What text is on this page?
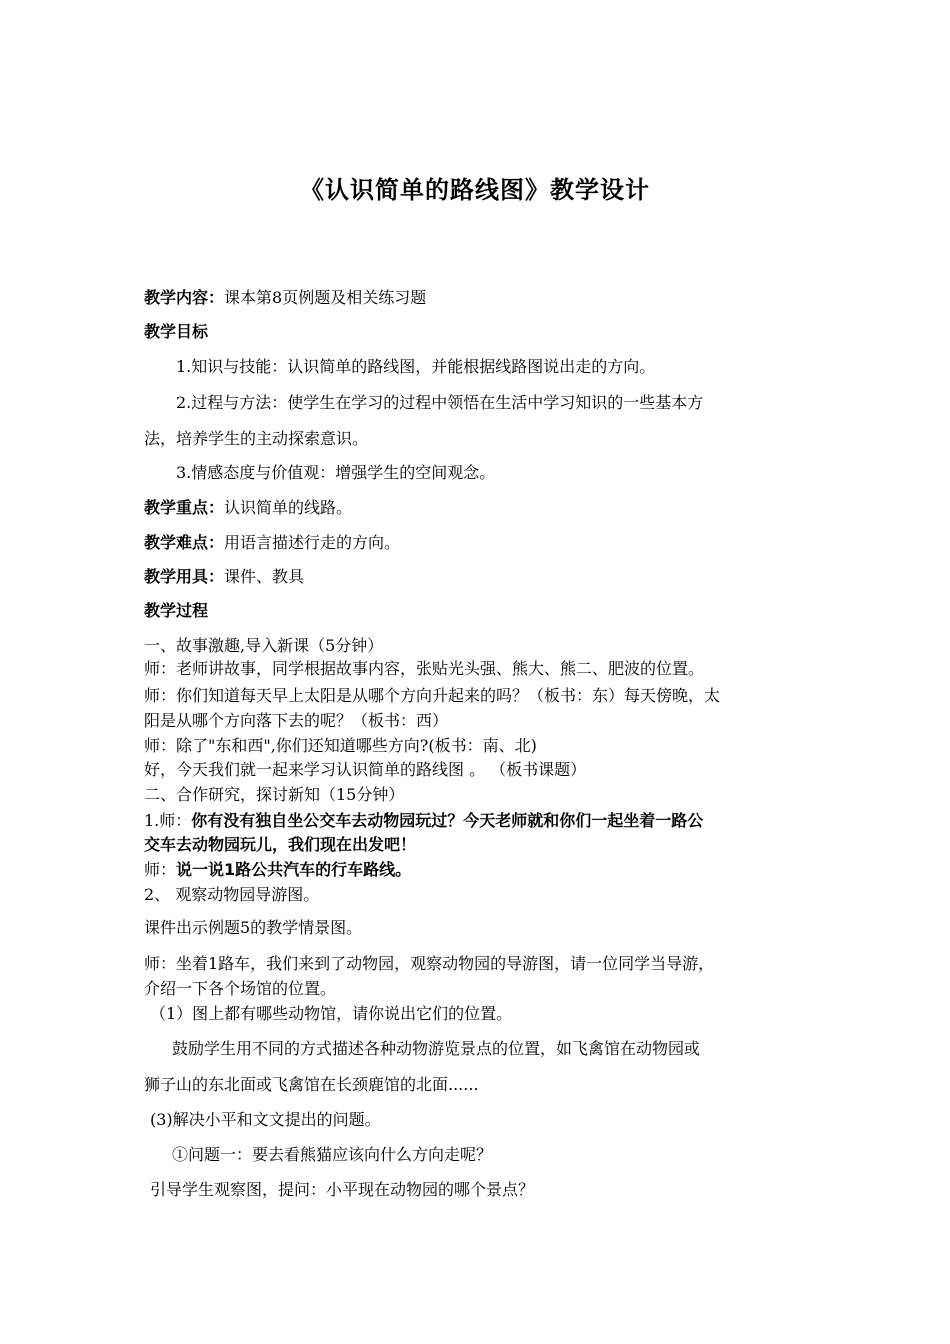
《认识简单的路线图》教学设计
教学内容：课本第8页例题及相关练习题
教学目标
1.知识与技能：认识简单的路线图，并能根据线路图说出走的方向。
2.过程与方法：使学生在学习的过程中领悟在生活中学习知识的一些基本方
法，培养学生的主动探索意识。
3.情感态度与价值观：增强学生的空间观念。
教学重点：认识简单的线路。
教学难点：用语言描述行走的方向。
教学用具：课件、教具
教学过程
一、故事激趣,导入新课（5分钟）
师：老师讲故事，同学根据故事内容，张贴光头强、熊大、熊二、肥波的位置。
师：你们知道每天早上太阳是从哪个方向升起来的吗？（板书：东）每天傍晚，太
阳是从哪个方向落下去的呢？（板书：西）
师：除了"东和西",你们还知道哪些方向?(板书：南、北)
好，今天我们就一起来学习认识简单的路线图 。 （板书课题）
二、合作研究，探讨新知（15分钟）
1.师：你有没有独自坐公交车去动物园玩过？今天老师就和你们一起坐着一路公
交车去动物园玩儿，我们现在出发吧！
师：说一说1路公共汽车的行车路线。
2、 观察动物园导游图。
课件出示例题5的教学情景图。
师：坐着1路车，我们来到了动物园，观察动物园的导游图，请一位同学当导游，
介绍一下各个场馆的位置。
（1）图上都有哪些动物馆，请你说出它们的位置。
鼓励学生用不同的方式描述各种动物游览景点的位置，如飞禽馆在动物园或
狮子山的东北面或飞禽馆在长颈鹿馆的北面......
(3)解决小平和文文提出的问题。
①问题一：要去看熊猫应该向什么方向走呢？
引导学生观察图，提问：小平现在动物园的哪个景点？
